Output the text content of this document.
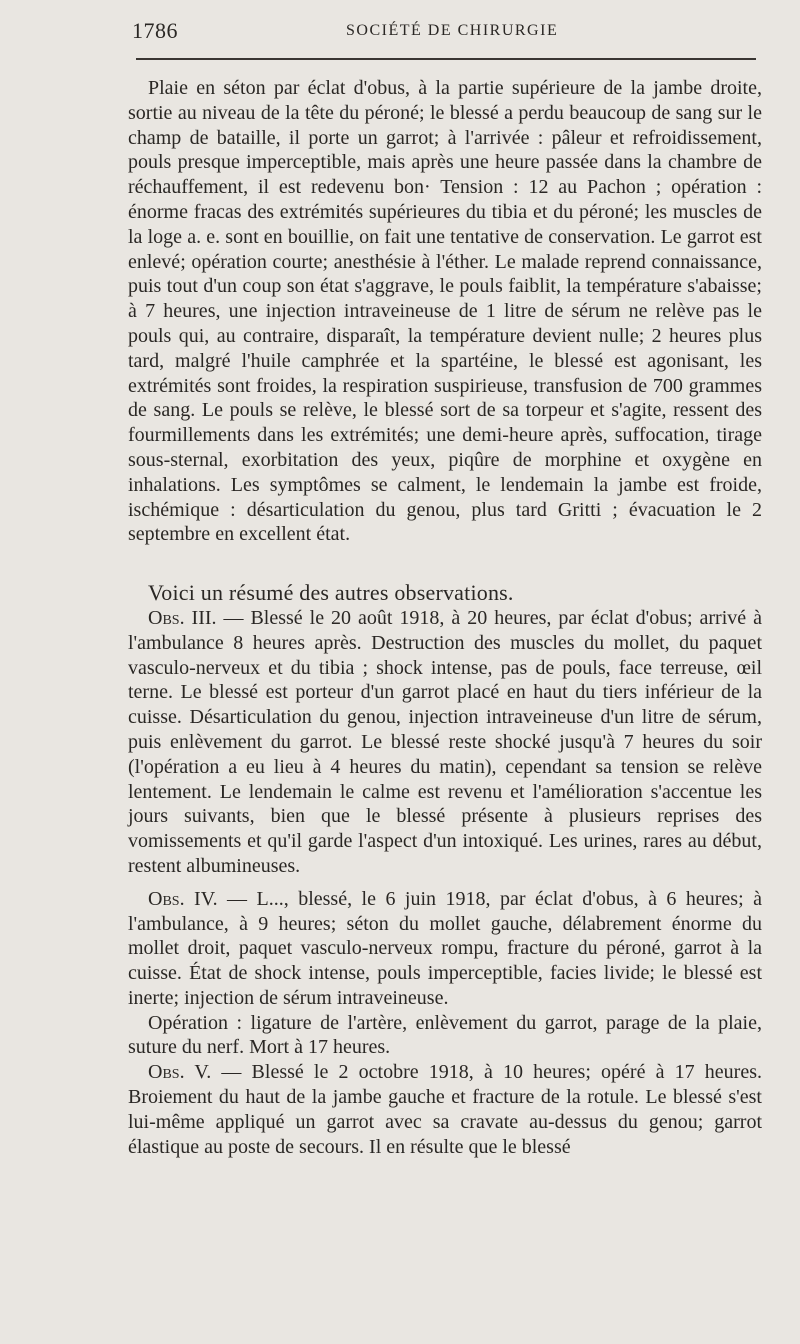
1786	SOCIÉTÉ DE CHIRURGIE

Plaie en séton par éclat d'obus, à la partie supérieure de la jambe droite, sortie au niveau de la tête du péroné; le blessé a perdu beaucoup de sang sur le champ de bataille, il porte un garrot; à l'arrivée : pâleur et refroidissement, pouls presque imperceptible, mais après une heure passée dans la chambre de réchauffement, il est redevenu bon· Tension : 12 au Pachon ; opération : énorme fracas des extrémités supérieures du tibia et du péroné; les muscles de la loge a. e. sont en bouillie, on fait une tentative de conservation. Le garrot est enlevé; opération courte; anesthésie à l'éther. Le malade reprend connaissance, puis tout d'un coup son état s'aggrave, le pouls faiblit, la température s'abaisse; à 7 heures, une injection intraveineuse de 1 litre de sérum ne relève pas le pouls qui, au contraire, disparaît, la température devient nulle; 2 heures plus tard, malgré l'huile camphrée et la spartéine, le blessé est agonisant, les extrémités sont froides, la respiration suspirieuse, transfusion de 700 grammes de sang. Le pouls se relève, le blessé sort de sa torpeur et s'agite, ressent des fourmillements dans les extrémités; une demi-heure après, suffocation, tirage sous-sternal, exorbitation des yeux, piqûre de morphine et oxygène en inhalations. Les symptômes se calment, le lendemain la jambe est froide, ischémique : désarticulation du genou, plus tard Gritti ; évacuation le 2 septembre en excellent état.

Voici un résumé des autres observations.

Obs. III. — Blessé le 20 août 1918, à 20 heures, par éclat d'obus; arrivé à l'ambulance 8 heures après. Destruction des muscles du mollet, du paquet vasculo-nerveux et du tibia ; shock intense, pas de pouls, face terreuse, œil terne. Le blessé est porteur d'un garrot placé en haut du tiers inférieur de la cuisse. Désarticulation du genou, injection intraveineuse d'un litre de sérum, puis enlèvement du garrot. Le blessé reste shocké jusqu'à 7 heures du soir (l'opération a eu lieu à 4 heures du matin), cependant sa tension se relève lentement. Le lendemain le calme est revenu et l'amélioration s'accentue les jours suivants, bien que le blessé présente à plusieurs reprises des vomissements et qu'il garde l'aspect d'un intoxiqué. Les urines, rares au début, restent albumineuses.

Obs. IV. — L..., blessé, le 6 juin 1918, par éclat d'obus, à 6 heures; à l'ambulance, à 9 heures; séton du mollet gauche, délabrement énorme du mollet droit, paquet vasculo-nerveux rompu, fracture du péroné, garrot à la cuisse. État de shock intense, pouls imperceptible, facies livide; le blessé est inerte; injection de sérum intraveineuse.

Opération : ligature de l'artère, enlèvement du garrot, parage de la plaie, suture du nerf. Mort à 17 heures.

Obs. V. — Blessé le 2 octobre 1918, à 10 heures; opéré à 17 heures. Broiement du haut de la jambe gauche et fracture de la rotule. Le blessé s'est lui-même appliqué un garrot avec sa cravate au-dessus du genou; garrot élastique au poste de secours. Il en résulte que le blessé
